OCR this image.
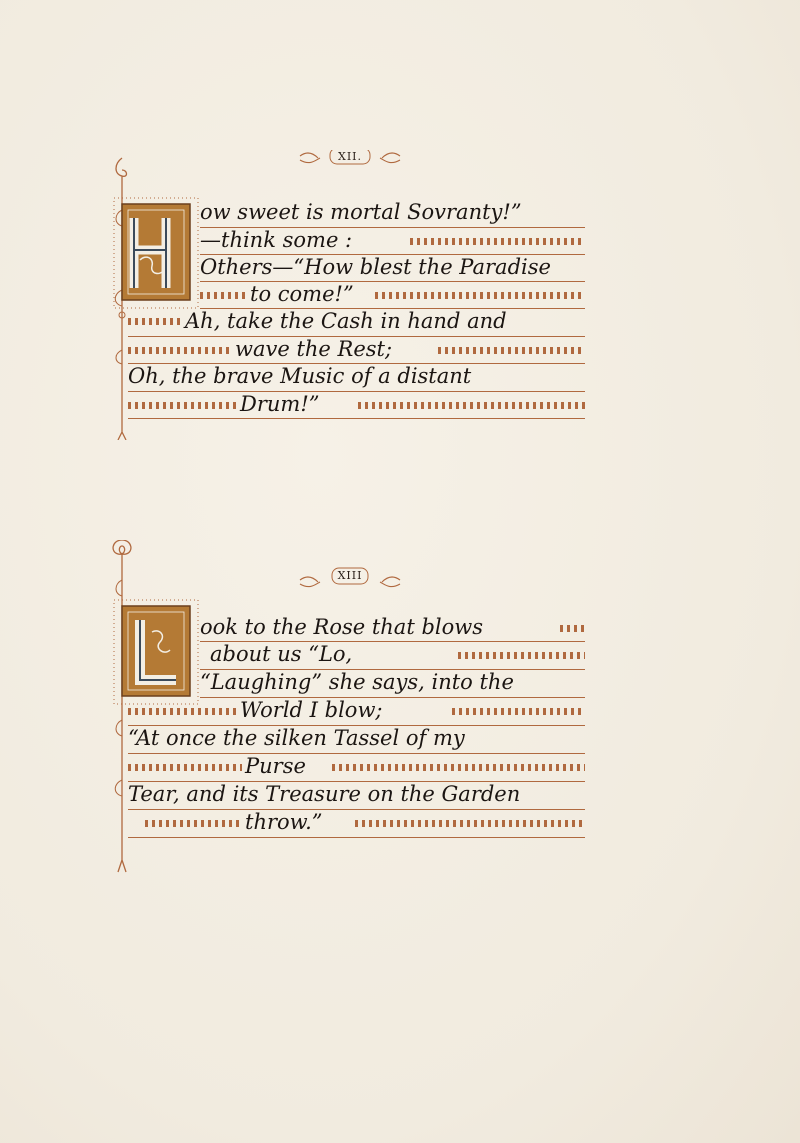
XII.
ow sweet is mortal Sovranty!”
—think some :
Others—“How blest the Paradise
to come!”
Ah, take the Cash in hand and
wave the Rest;
Oh, the brave Music of a distant
Drum!”
XIII
ook to the Rose that blows
about us “Lo,
“Laughing” she says, into the
World I blow;
“At once the silken Tassel of my
Purse
Tear, and its Treasure on the Garden
throw.”
